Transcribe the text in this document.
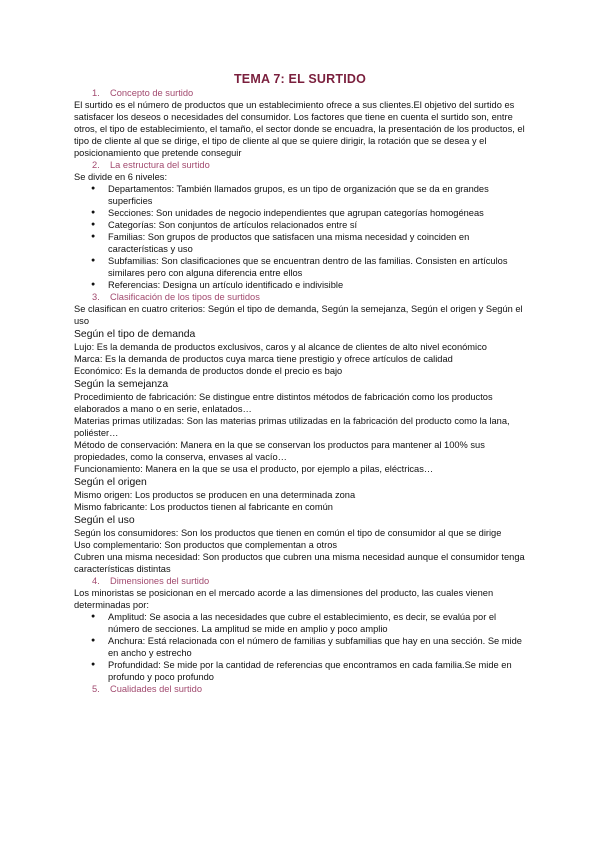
TEMA 7: EL SURTIDO
1.	Concepto de surtido

El surtido es el número de productos que un establecimiento ofrece a sus clientes.El objetivo del surtido es satisfacer los deseos o necesidades del consumidor. Los factores que tiene en cuenta el surtido son, entre otros, el tipo de establecimiento, el tamaño, el sector donde se encuadra, la presentación de los productos, el tipo de cliente al que se dirige, el tipo de cliente al que se quiere dirigir, la rotación que se desea y el posicionamiento que pretende conseguir

2.	La estructura del surtido

Se divide en 6 niveles:

● Departamentos: También llamados grupos, es un tipo de organización que se da en grandes superficies
● Secciones: Son unidades de negocio independientes que agrupan categorías homogéneas
● Categorías: Son conjuntos de artículos relacionados entre sí
● Familias: Son grupos de productos que satisfacen una misma necesidad y coinciden en características y uso
● Subfamilias: Son clasificaciones que se encuentran dentro de las familias. Consisten en artículos similares pero con alguna diferencia entre ellos
● Referencias: Designa un artículo identificado e indivisible
3.	Clasificación de los tipos de surtidos

Se clasifican en cuatro criterios: Según el tipo de demanda, Según la semejanza, Según el origen y Según el uso

Según el tipo de demanda

Lujo: Es la demanda de productos exclusivos, caros y al alcance de clientes de alto nivel económico

Marca: Es la demanda de productos cuya marca tiene prestigio y ofrece artículos de calidad

Económico: Es la demanda de productos donde el precio es bajo

Según la semejanza

Procedimiento de fabricación: Se distingue entre distintos métodos de fabricación como los productos elaborados a mano o en serie, enlatados…

Materias primas utilizadas: Son las materias primas utilizadas en la fabricación del producto como la lana, poliéster…

Método de conservación: Manera en la que se conservan los productos para mantener al 100% sus propiedades, como la conserva, envases al vacío…

Funcionamiento: Manera en la que se usa el producto, por ejemplo a pilas, eléctricas…

Según el origen

Mismo origen: Los productos se producen en una determinada zona

Mismo fabricante: Los productos tienen al fabricante en común

Según el uso

Según los consumidores: Son los productos que tienen en común el tipo de consumidor al que se dirige

Uso complementario: Son productos que complementan a otros

Cubren una misma necesidad: Son productos que cubren una misma necesidad aunque el consumidor tenga características distintas

4.	Dimensiones del surtido

Los minoristas se posicionan en el mercado acorde a las dimensiones del producto, las cuales vienen determinadas por:

● Amplitud: Se asocia a las necesidades que cubre el establecimiento, es decir, se evalúa por el número de secciones. La amplitud se mide en amplio y poco amplio
● Anchura: Está relacionada con el número de familias y subfamilias que hay en una sección. Se mide en ancho y estrecho
● Profundidad: Se mide por la cantidad de referencias que encontramos en cada familia.Se mide en profundo y poco profundo
5.	Cualidades del surtido
